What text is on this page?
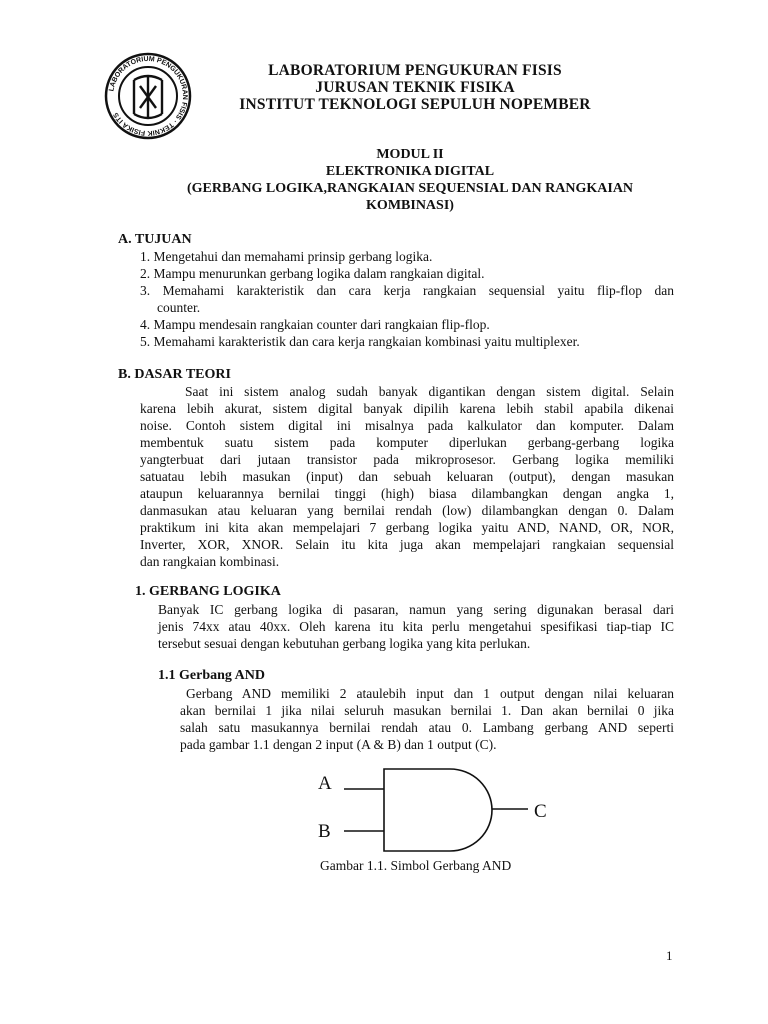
LABORATORIUM PENGUKURAN FISIS · TEKNIK FISIKA ITS
LABORATORIUM PENGUKURAN FISIS
JURUSAN TEKNIK FISIKA
INSTITUT TEKNOLOGI SEPULUH NOPEMBER
MODUL II
ELEKTRONIKA DIGITAL
(GERBANG LOGIKA,RANGKAIAN SEQUENSIAL DAN RANGKAIAN
KOMBINASI)
A. TUJUAN
1. Mengetahui dan memahami prinsip gerbang logika.
2. Mampu menurunkan gerbang logika dalam rangkaian digital.
3. Memahami karakteristik dan cara kerja rangkaian sequensial yaitu flip-flop dan
counter.
4. Mampu mendesain rangkaian counter dari rangkaian flip-flop.
5. Memahami karakteristik dan cara kerja rangkaian kombinasi yaitu multiplexer.
B. DASAR TEORI
Saat ini sistem analog sudah banyak digantikan dengan sistem digital. Selain
karena lebih akurat, sistem digital banyak dipilih karena lebih stabil apabila dikenai
noise. Contoh sistem digital ini misalnya pada kalkulator dan komputer. Dalam
membentuk suatu sistem pada komputer diperlukan gerbang-gerbang logika
yangterbuat dari jutaan transistor pada mikroprosesor. Gerbang logika memiliki
satuatau lebih masukan (input) dan sebuah keluaran (output), dengan masukan
ataupun keluarannya bernilai tinggi (high) biasa dilambangkan dengan angka 1,
danmasukan atau keluaran yang bernilai rendah (low) dilambangkan dengan 0. Dalam
praktikum ini kita akan mempelajari 7 gerbang logika yaitu AND, NAND, OR, NOR,
Inverter, XOR, XNOR. Selain itu kita juga akan mempelajari rangkaian sequensial
dan rangkaian kombinasi.
1. GERBANG LOGIKA
Banyak IC gerbang logika di pasaran, namun yang sering digunakan berasal dari
jenis 74xx atau 40xx. Oleh karena itu kita perlu mengetahui spesifikasi tiap-tiap IC
tersebut sesuai dengan kebutuhan gerbang logika yang kita perlukan.
1.1 Gerbang AND
Gerbang AND memiliki 2 ataulebih input dan 1 output dengan nilai keluaran
akan bernilai 1 jika nilai seluruh masukan bernilai 1. Dan akan bernilai 0 jika
salah satu masukannya bernilai rendah atau 0. Lambang gerbang AND seperti
pada gambar 1.1 dengan 2 input (A & B) dan 1 output (C).
A
B
C
Gambar 1.1. Simbol Gerbang AND
1
